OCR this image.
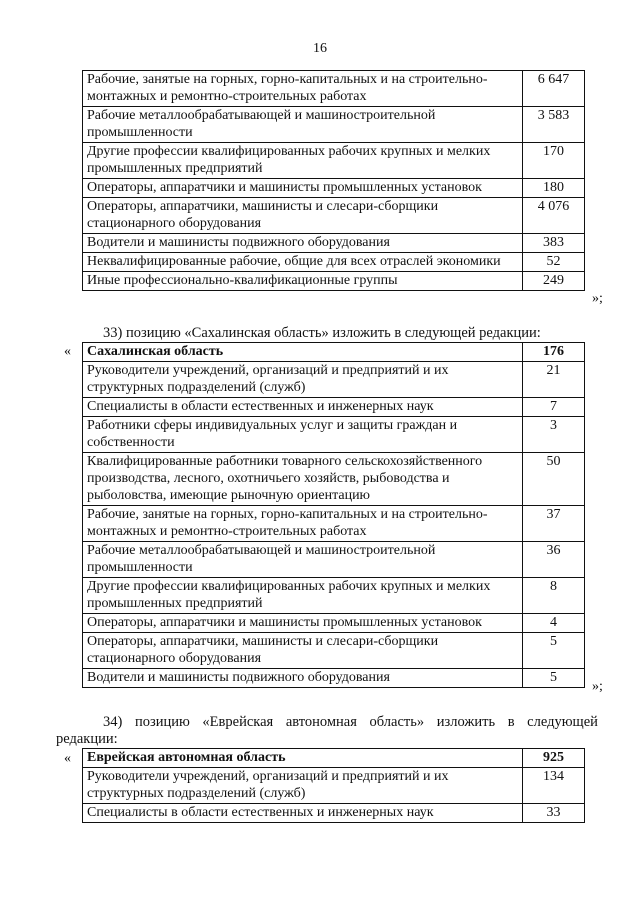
16
Рабочие, занятые на горных, горно-капитальных и на строительно-монтажных и ремонтно-строительных работах	6 647
Рабочие металлообрабатывающей и машиностроительной промышленности	3 583
Другие профессии квалифицированных рабочих крупных и мелких промышленных предприятий	170
Операторы, аппаратчики и машинисты промышленных установок	180
Операторы, аппаратчики, машинисты и слесари-сборщики стационарного оборудования	4 076
Водители и машинисты подвижного оборудования	383
Неквалифицированные рабочие, общие для всех отраслей экономики	52
Иные профессионально-квалификационные группы	249
»;
33) позицию «Сахалинская область» изложить в следующей редакции:
« Сахалинская область	176
Руководители учреждений, организаций и предприятий и их структурных подразделений (служб)	21
Специалисты в области естественных и инженерных наук	7
Работники сферы индивидуальных услуг и защиты граждан и собственности	3
Квалифицированные работники товарного сельскохозяйственного производства, лесного, охотничьего хозяйств, рыбоводства и рыболовства, имеющие рыночную ориентацию	50
Рабочие, занятые на горных, горно-капитальных и на строительно-монтажных и ремонтно-строительных работах	37
Рабочие металлообрабатывающей и машиностроительной промышленности	36
Другие профессии квалифицированных рабочих крупных и мелких промышленных предприятий	8
Операторы, аппаратчики и машинисты промышленных установок	4
Операторы, аппаратчики, машинисты и слесари-сборщики стационарного оборудования	5
Водители и машинисты подвижного оборудования	5
»;
34) позицию «Еврейская автономная область» изложить в следующей
редакции:
« Еврейская автономная область	925
Руководители учреждений, организаций и предприятий и их структурных подразделений (служб)	134
Специалисты в области естественных и инженерных наук	33
